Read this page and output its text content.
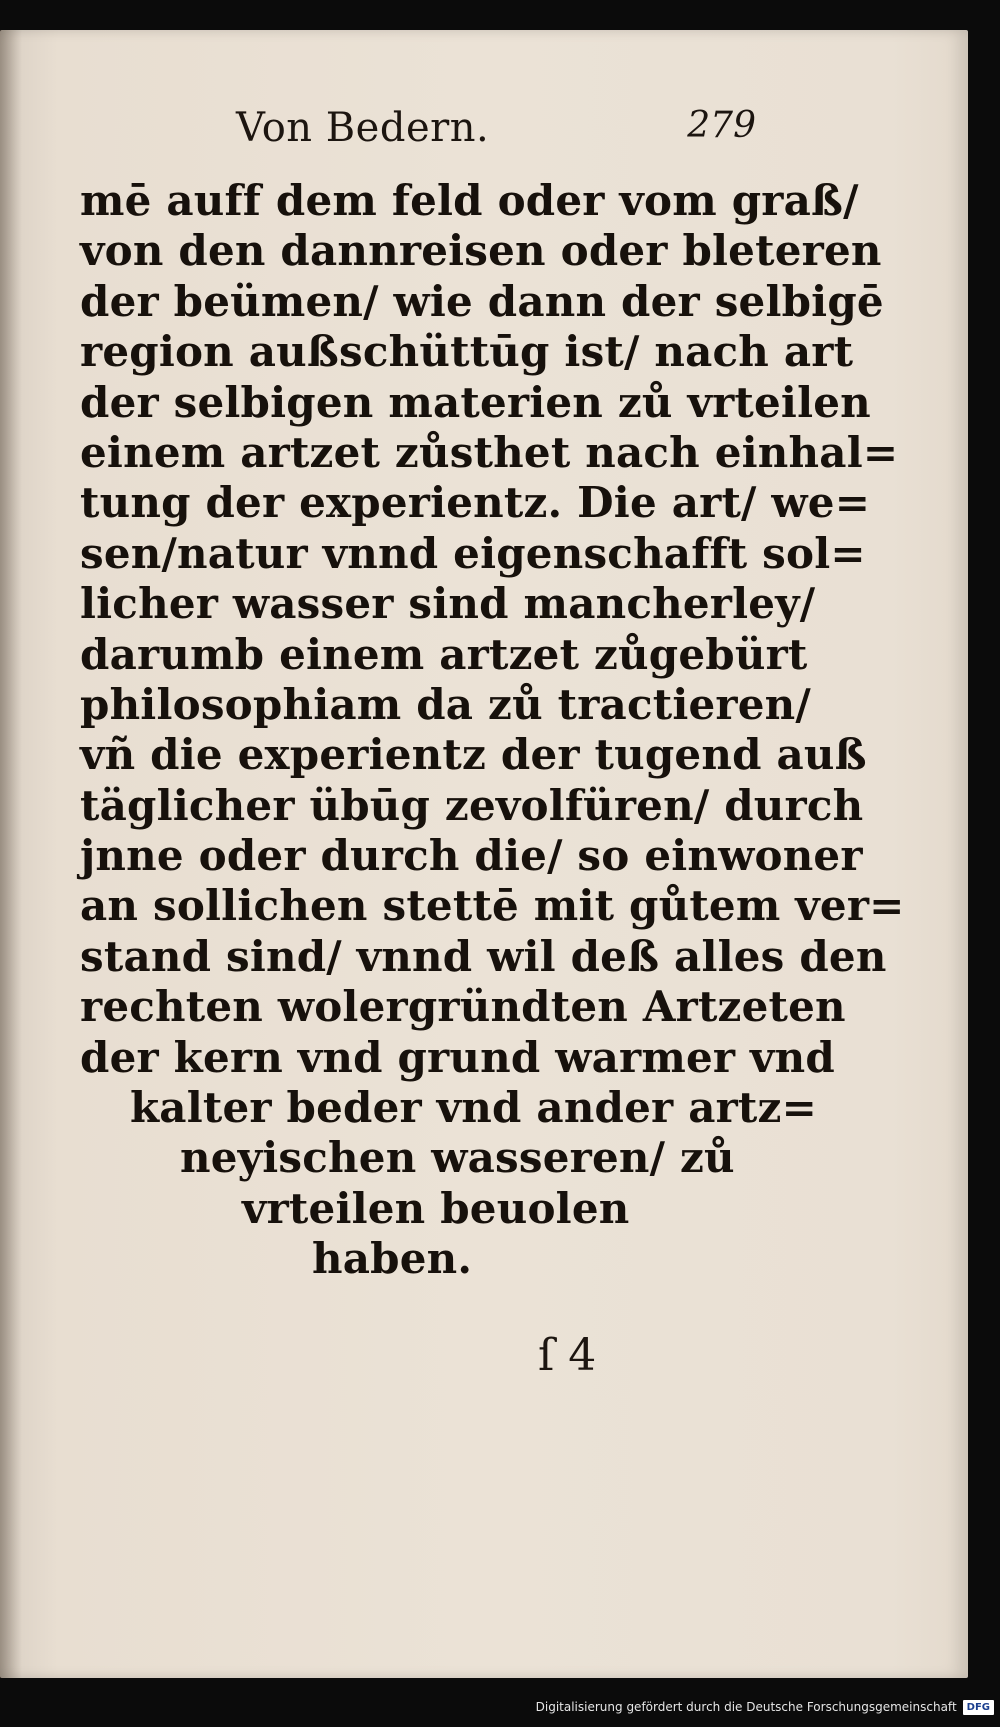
Von Bedern.	279
mē auff dem feld oder vom graß/
von den dannreisen oder bleteren
der beümen/ wie dann der selbigē
region außschüttūg ist/ nach art
der selbigen materien zů vrteilen
einem artzet zůsthet nach einhal=
tung der experientz. Die art/ we=
sen/natur vnnd eigenschafft sol=
licher wasser sind mancherley/
darumb einem artzet zůgebürt
philosophiam da zů tractieren/
vñ die experientz der tugend auß
täglicher übūg zevolfüren/ durch
jnne oder durch die/ so einwoner
an sollichen stettē mit gůtem ver=
stand sind/ vnnd wil deß alles den
rechten wolergründten Artzeten
der kern vnd grund warmer vnd
kalter beder vnd ander artz=
neyischen wasseren/ zů
vrteilen beuolen
haben.
ſ 4
Digitalisierung gefördert durch die Deutsche Forschungsgemeinschaft	DFG
